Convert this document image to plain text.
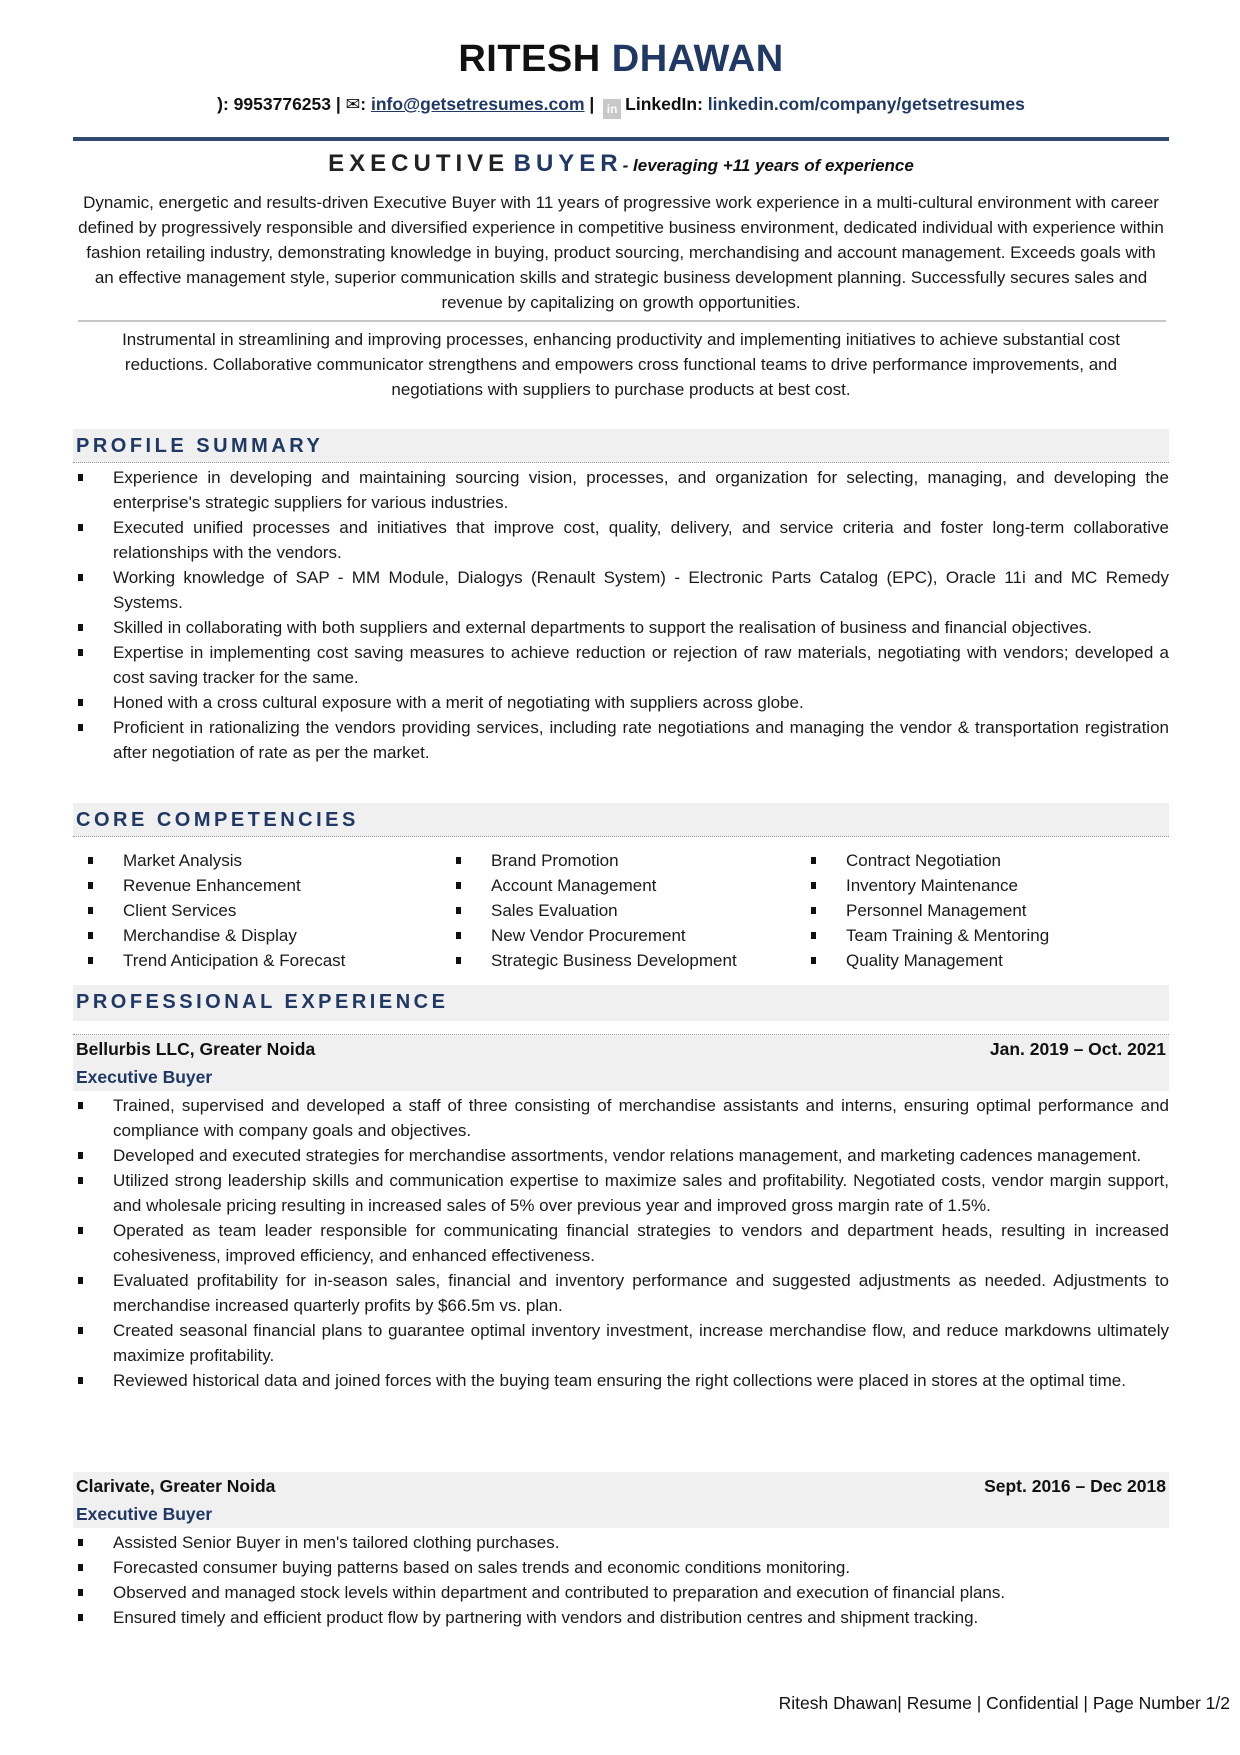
RITESH DHAWAN
): 9953776253 | ✉: info@getsetresumes.com | in LinkedIn: linkedin.com/company/getsetresumes
EXECUTIVE BUYER- leveraging +11 years of experience

Dynamic, energetic and results-driven Executive Buyer with 11 years of progressive work experience in a multi-cultural environment with career defined by progressively responsible and diversified experience in competitive business environment, dedicated individual with experience within fashion retailing industry, demonstrating knowledge in buying, product sourcing, merchandising and account management. Exceeds goals with an effective management style, superior communication skills and strategic business development planning. Successfully secures sales and revenue by capitalizing on growth opportunities.

Instrumental in streamlining and improving processes, enhancing productivity and implementing initiatives to achieve substantial cost reductions. Collaborative communicator strengthens and empowers cross functional teams to drive performance improvements, and negotiations with suppliers to purchase products at best cost.

PROFILE SUMMARY
Experience in developing and maintaining sourcing vision, processes, and organization for selecting, managing, and developing the enterprise's strategic suppliers for various industries.
Executed unified processes and initiatives that improve cost, quality, delivery, and service criteria and foster long-term collaborative relationships with the vendors.
Working knowledge of SAP - MM Module, Dialogys (Renault System) - Electronic Parts Catalog (EPC), Oracle 11i and MC Remedy Systems.
Skilled in collaborating with both suppliers and external departments to support the realisation of business and financial objectives.
Expertise in implementing cost saving measures to achieve reduction or rejection of raw materials, negotiating with vendors; developed a cost saving tracker for the same.
Honed with a cross cultural exposure with a merit of negotiating with suppliers across globe.
Proficient in rationalizing the vendors providing services, including rate negotiations and managing the vendor & transportation registration after negotiation of rate as per the market.
CORE COMPETENCIES
Market Analysis
Revenue Enhancement
Client Services
Merchandise & Display
Trend Anticipation & Forecast
Brand Promotion
Account Management
Sales Evaluation
New Vendor Procurement
Strategic Business Development
Contract Negotiation
Inventory Maintenance
Personnel Management
Team Training & Mentoring
Quality Management
PROFESSIONAL EXPERIENCE
Bellurbis LLC, Greater Noida	Jan. 2019 – Oct. 2021
Executive Buyer
Trained, supervised and developed a staff of three consisting of merchandise assistants and interns, ensuring optimal performance and compliance with company goals and objectives.
Developed and executed strategies for merchandise assortments, vendor relations management, and marketing cadences management.
Utilized strong leadership skills and communication expertise to maximize sales and profitability. Negotiated costs, vendor margin support, and wholesale pricing resulting in increased sales of 5% over previous year and improved gross margin rate of 1.5%.
Operated as team leader responsible for communicating financial strategies to vendors and department heads, resulting in increased cohesiveness, improved efficiency, and enhanced effectiveness.
Evaluated profitability for in-season sales, financial and inventory performance and suggested adjustments as needed. Adjustments to merchandise increased quarterly profits by $66.5m vs. plan.
Created seasonal financial plans to guarantee optimal inventory investment, increase merchandise flow, and reduce markdowns ultimately maximize profitability.
Reviewed historical data and joined forces with the buying team ensuring the right collections were placed in stores at the optimal time.
Clarivate, Greater Noida	Sept. 2016 – Dec 2018
Executive Buyer
Assisted Senior Buyer in men's tailored clothing purchases.
Forecasted consumer buying patterns based on sales trends and economic conditions monitoring.
Observed and managed stock levels within department and contributed to preparation and execution of financial plans.
Ensured timely and efficient product flow by partnering with vendors and distribution centres and shipment tracking.
Ritesh Dhawan| Resume | Confidential | Page Number 1/2
